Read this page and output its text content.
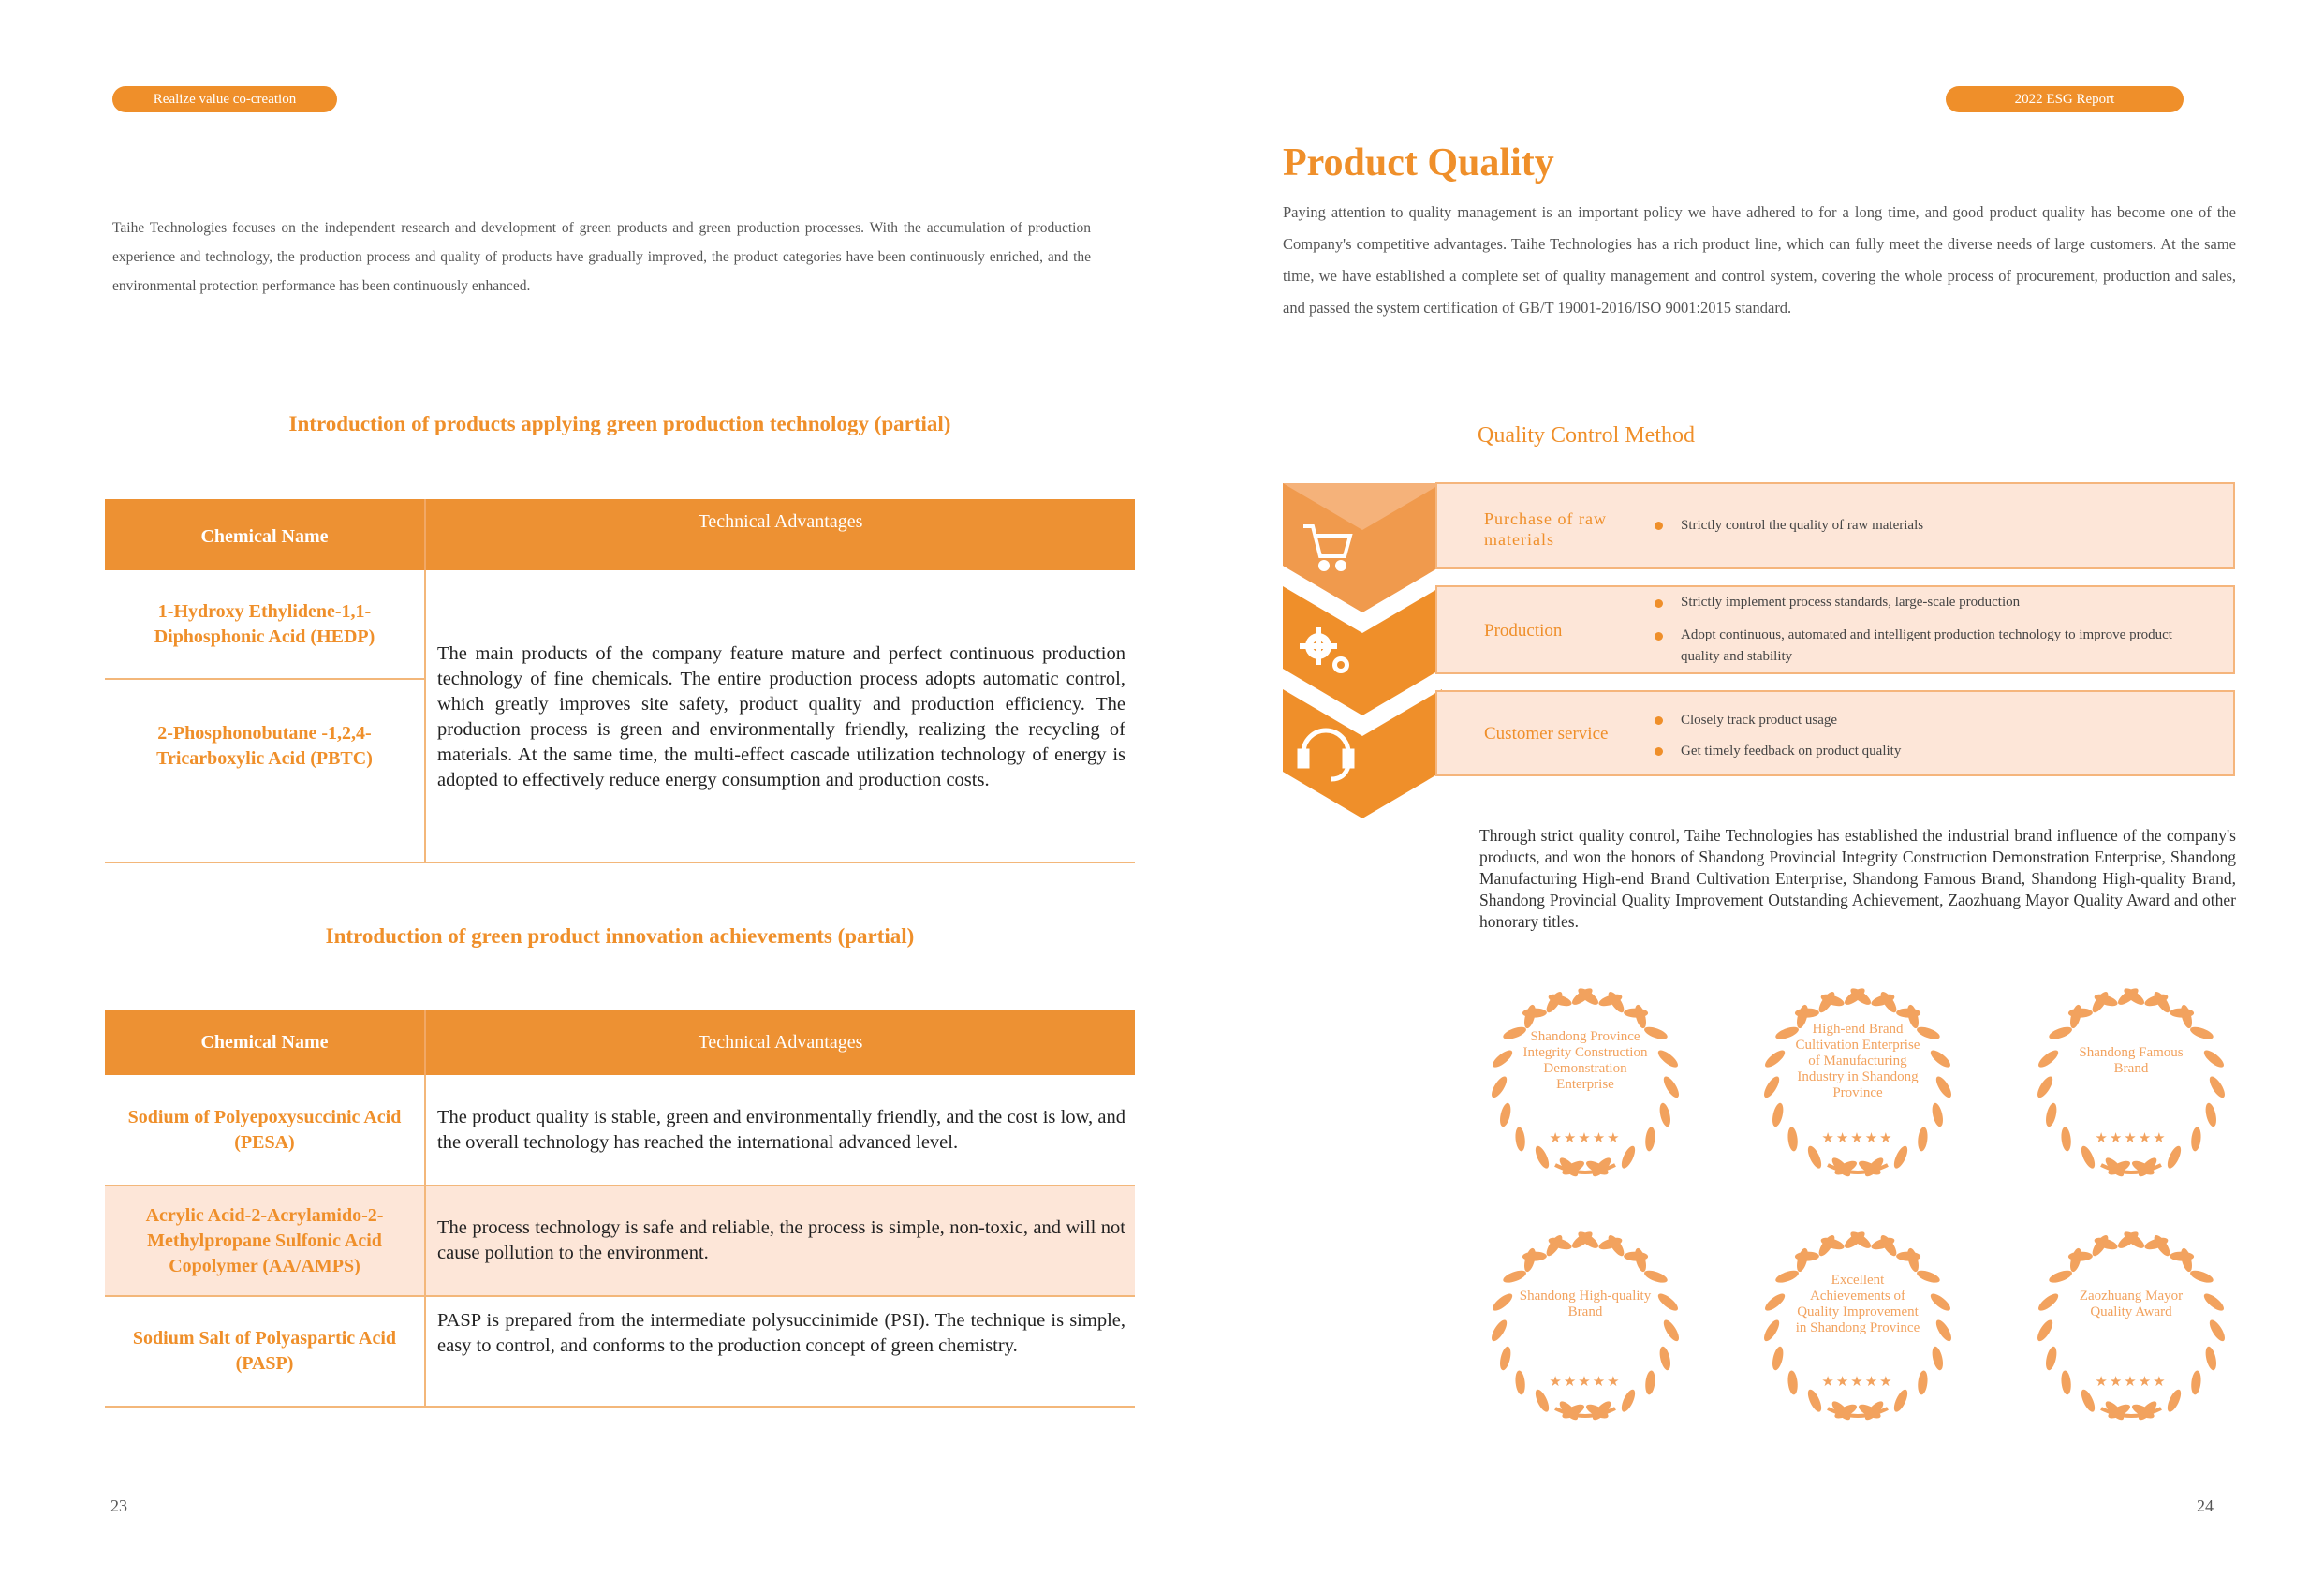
Realize value co-creation	2022 ESG Report
Taihe Technologies focuses on the independent research and development of green products and green production processes. With the accumulation of production experience and technology, the production process and quality of products have gradually improved, the product categories have been continuously enriched, and the environmental protection performance has been continuously enhanced.
Introduction of products applying green production technology (partial)
Chemical Name	Technical Advantages
1-Hydroxy Ethylidene-1,1-Diphosphonic Acid (HEDP)	The main products of the company feature mature and perfect continuous production technology of fine chemicals. The entire production process adopts automatic control, which greatly improves site safety, product quality and production efficiency. The production process is green and environmentally friendly, realizing the recycling of materials. At the same time, the multi-effect cascade utilization technology of energy is adopted to effectively reduce energy consumption and production costs.
2-Phosphonobutane -1,2,4-Tricarboxylic Acid (PBTC)	
Introduction of green product innovation achievements (partial)
Chemical Name	Technical Advantages
Sodium of Polyepoxysuccinic Acid (PESA)	The product quality is stable, green and environmentally friendly, and the cost is low, and the overall technology has reached the international advanced level.
Acrylic Acid-2-Acrylamido-2-Methylpropane Sulfonic Acid Copolymer (AA/AMPS)	The process technology is safe and reliable, the process is simple, non-toxic, and will not cause pollution to the environment.
Sodium Salt of Polyaspartic Acid (PASP)	PASP is prepared from the intermediate polysuccinimide (PSI). The technique is simple, easy to control, and conforms to the production concept of green chemistry.
Product Quality
Paying attention to quality management is an important policy we have adhered to for a long time, and good product quality has become one of the Company's competitive advantages. Taihe Technologies has a rich product line, which can fully meet the diverse needs of large customers. At the same time, we have established a complete set of quality management and control system, covering the whole process of procurement, production and sales, and passed the system certification of GB/T 19001-2016/ISO 9001:2015 standard.
Quality Control Method
Purchase of raw materials
Strictly control the quality of raw materials
Production
Strictly implement process standards, large-scale production
Adopt continuous, automated and intelligent production technology to improve product quality and stability
Customer service
Closely track product usage
Get timely feedback on product quality
Through strict quality control, Taihe Technologies has established the industrial brand influence of the company's products, and won the honors of Shandong Provincial Integrity Construction Demonstration Enterprise, Shandong Manufacturing High-end Brand Cultivation Enterprise, Shandong Famous Brand, Shandong High-quality Brand, Shandong Provincial Quality Improvement Outstanding Achievement, Zaozhuang Mayor Quality Award and other honorary titles.
Shandong Province Integrity Construction Demonstration Enterprise
★★★★★
High-end Brand Cultivation Enterprise of Manufacturing Industry in Shandong Province
★★★★★
Shandong Famous Brand
★★★★★
Shandong High-quality Brand
★★★★★
Excellent Achievements of Quality Improvement in Shandong Province
★★★★★
Zaozhuang Mayor Quality Award
★★★★★
23	24
